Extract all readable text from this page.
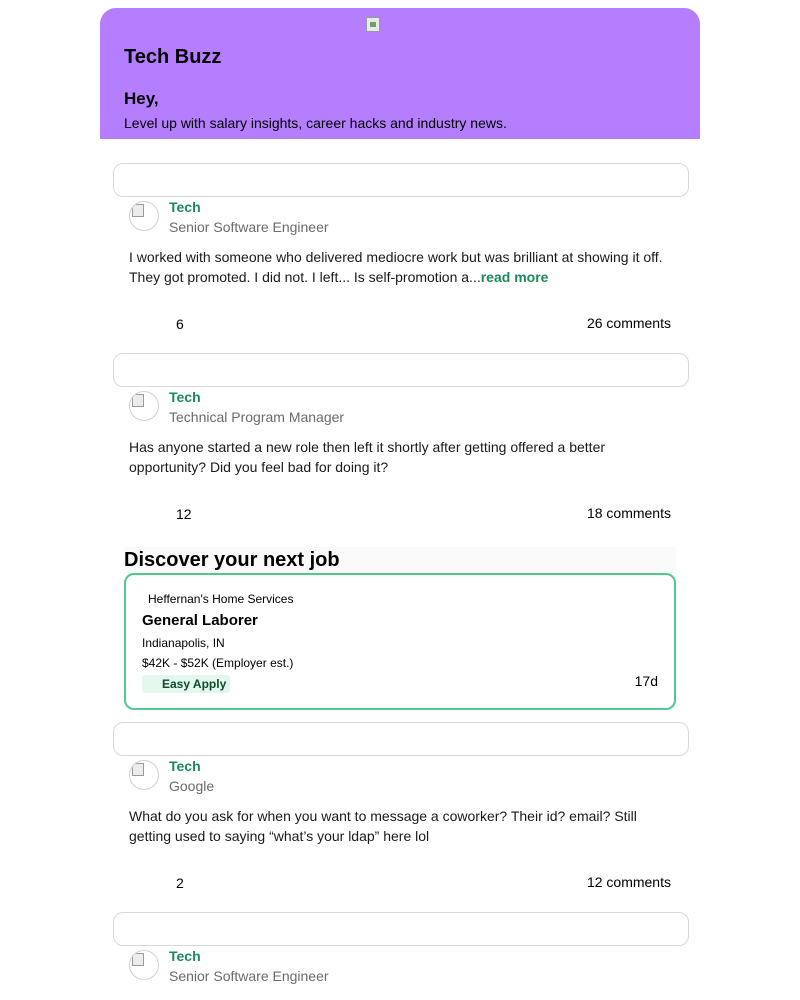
Tech Buzz
Hey,
Level up with salary insights, career hacks and industry news.
Tech
Senior Software Engineer
I worked with someone who delivered mediocre work but was brilliant at showing it off. They got promoted. I did not. I left... Is self-promotion a...read more
6	26 comments
Tech
Technical Program Manager
Has anyone started a new role then left it shortly after getting offered a better opportunity? Did you feel bad for doing it?
12	18 comments
Discover your next job
Heffernan's Home Services
General Laborer
Indianapolis, IN
$42K - $52K (Employer est.)
Easy Apply	17d
Tech
Google
What do you ask for when you want to message a coworker? Their id? email? Still getting used to saying “what’s your ldap” here lol
2	12 comments
Tech
Senior Software Engineer
